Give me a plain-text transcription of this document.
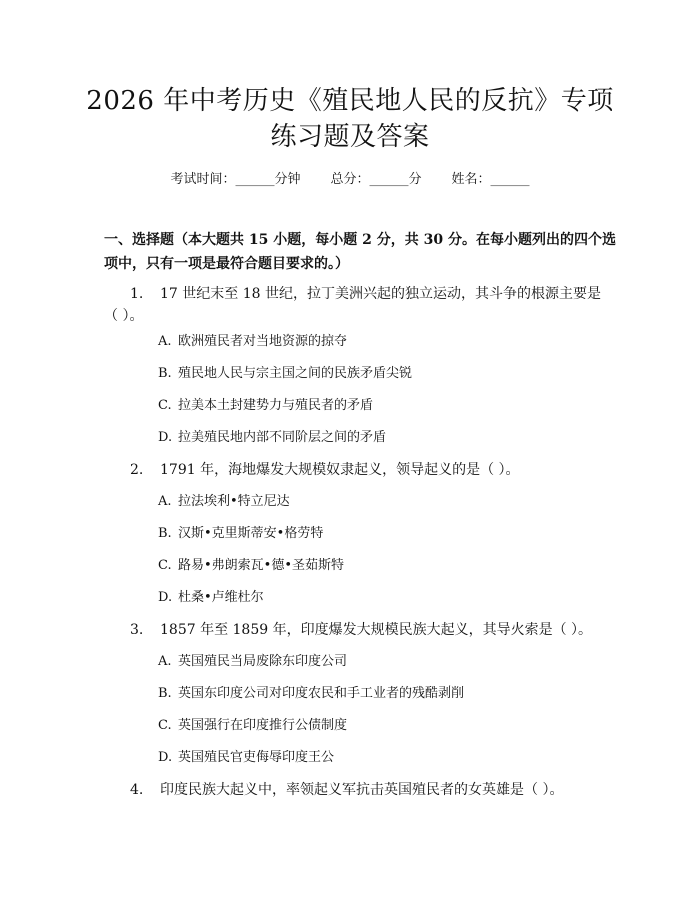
2026 年中考历史《殖民地人民的反抗》专项
练习题及答案
考试时间：______分钟 总分：______分 姓名：______
一、选择题（本大题共 15 小题，每小题 2 分，共 30 分。在每小题列出的四个选
项中，只有一项是最符合题目要求的。）
1. 17 世纪末至 18 世纪，拉丁美洲兴起的独立运动，其斗争的根源主要是
（ ）。
A. 欧洲殖民者对当地资源的掠夺
B. 殖民地人民与宗主国之间的民族矛盾尖锐
C. 拉美本土封建势力与殖民者的矛盾
D. 拉美殖民地内部不同阶层之间的矛盾
2. 1791 年，海地爆发大规模奴隶起义，领导起义的是（ ）。
A. 拉法埃利•特立尼达
B. 汉斯•克里斯蒂安•格劳特
C. 路易•弗朗索瓦•德•圣茹斯特
D. 杜桑•卢维杜尔
3. 1857 年至 1859 年，印度爆发大规模民族大起义，其导火索是（ ）。
A. 英国殖民当局废除东印度公司
B. 英国东印度公司对印度农民和手工业者的残酷剥削
C. 英国强行在印度推行公债制度
D. 英国殖民官吏侮辱印度王公
4. 印度民族大起义中，率领起义军抗击英国殖民者的女英雄是（ ）。
